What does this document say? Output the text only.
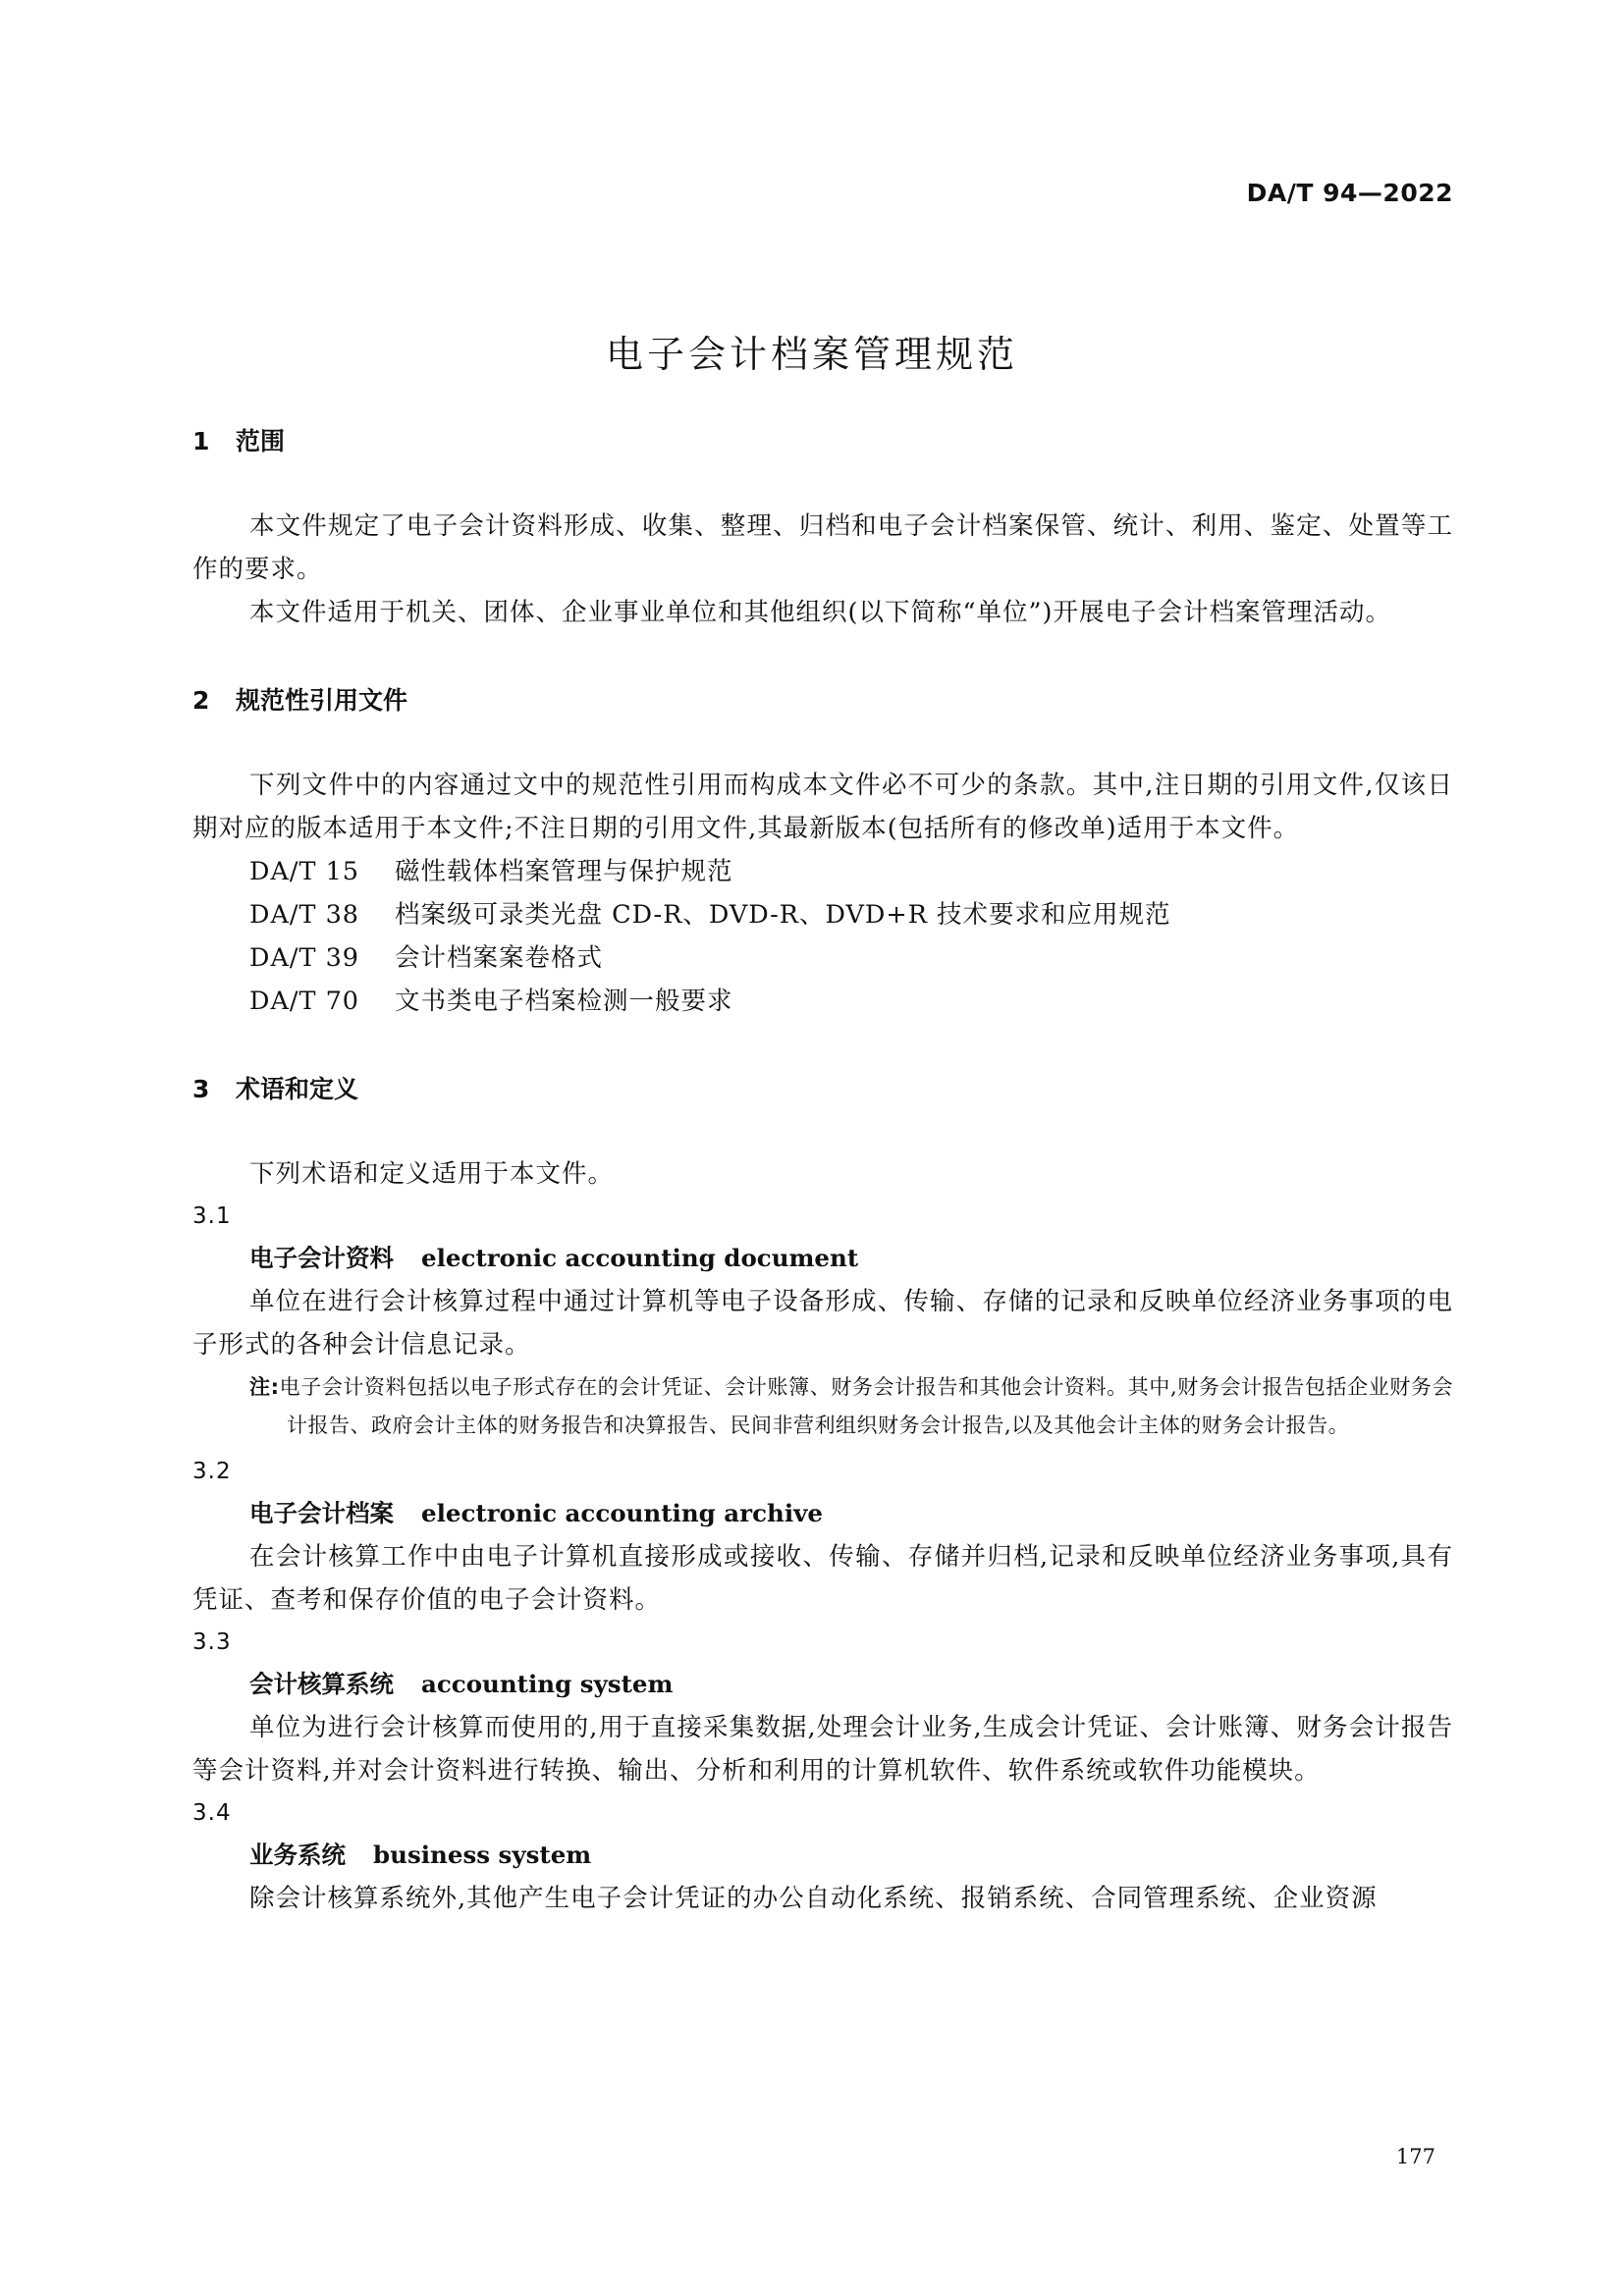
DA/T 94—2022
电子会计档案管理规范
1 范围

本文件规定了电子会计资料形成、收集、整理、归档和电子会计档案保管、统计、利用、鉴定、处置等工作的要求。

本文件适用于机关、团体、企业事业单位和其他组织(以下简称“单位”)开展电子会计档案管理活动。

2 规范性引用文件

下列文件中的内容通过文中的规范性引用而构成本文件必不可少的条款。其中,注日期的引用文件,仅该日期对应的版本适用于本文件;不注日期的引用文件,其最新版本(包括所有的修改单)适用于本文件。

DA/T 15 磁性载体档案管理与保护规范
DA/T 38 档案级可录类光盘 CD-R、DVD-R、DVD+R 技术要求和应用规范
DA/T 39 会计档案案卷格式
DA/T 70 文书类电子档案检测一般要求
3 术语和定义

下列术语和定义适用于本文件。

3.1
电子会计资料 electronic accounting document

单位在进行会计核算过程中通过计算机等电子设备形成、传输、存储的记录和反映单位经济业务事项的电子形式的各种会计信息记录。

注:电子会计资料包括以电子形式存在的会计凭证、会计账簿、财务会计报告和其他会计资料。其中,财务会计报告包括企业财务会计报告、政府会计主体的财务报告和决算报告、民间非营利组织财务会计报告,以及其他会计主体的财务会计报告。
3.2
电子会计档案 electronic accounting archive

在会计核算工作中由电子计算机直接形成或接收、传输、存储并归档,记录和反映单位经济业务事项,具有凭证、查考和保存价值的电子会计资料。

3.3
会计核算系统 accounting system

单位为进行会计核算而使用的,用于直接采集数据,处理会计业务,生成会计凭证、会计账簿、财务会计报告等会计资料,并对会计资料进行转换、输出、分析和利用的计算机软件、软件系统或软件功能模块。

3.4
业务系统 business system

除会计核算系统外,其他产生电子会计凭证的办公自动化系统、报销系统、合同管理系统、企业资源

177
